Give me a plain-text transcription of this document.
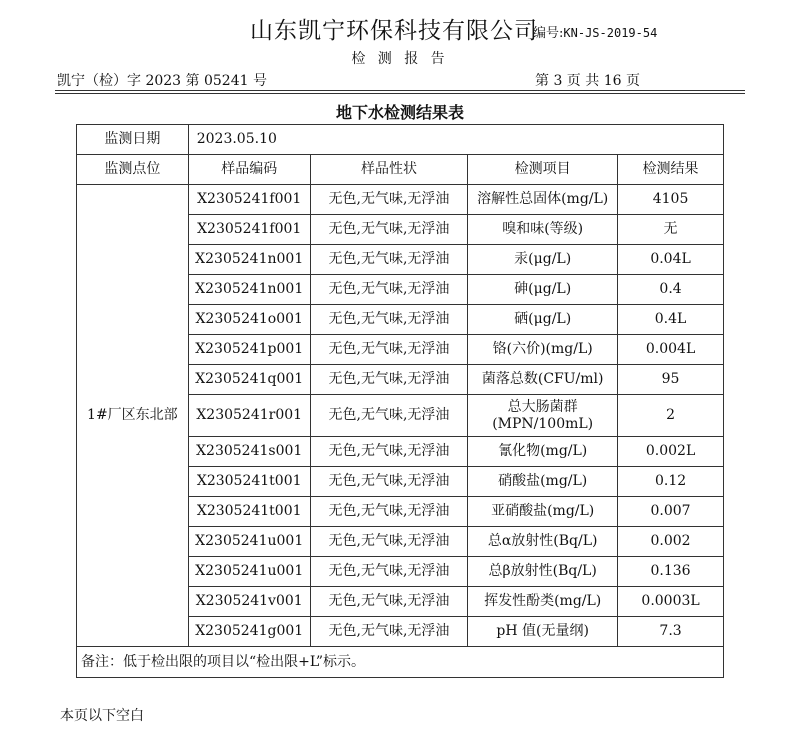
山东凯宁环保科技有限公司
编号:KN-JS-2019-54
检 测 报 告
凯宁（检）字 2023 第 05241 号	第 3 页 共 16 页
地下水检测结果表
监测日期	2023.05.10			
监测点位	样品编码	样品性状	检测项目	检测结果
1#厂区东北部	X2305241f001	无色,无气味,无浮油	溶解性总固体(mg/L)	4105
	X2305241f001	无色,无气味,无浮油	嗅和味(等级)	无
	X2305241n001	无色,无气味,无浮油	汞(μg/L)	0.04L
	X2305241n001	无色,无气味,无浮油	砷(μg/L)	0.4
	X2305241o001	无色,无气味,无浮油	硒(μg/L)	0.4L
	X2305241p001	无色,无气味,无浮油	铬(六价)(mg/L)	0.004L
	X2305241q001	无色,无气味,无浮油	菌落总数(CFU/ml)	95
	X2305241r001	无色,无气味,无浮油	总大肠菌群(MPN/100mL)	2
	X2305241s001	无色,无气味,无浮油	氰化物(mg/L)	0.002L
	X2305241t001	无色,无气味,无浮油	硝酸盐(mg/L)	0.12
	X2305241t001	无色,无气味,无浮油	亚硝酸盐(mg/L)	0.007
	X2305241u001	无色,无气味,无浮油	总α放射性(Bq/L)	0.002
	X2305241u001	无色,无气味,无浮油	总β放射性(Bq/L)	0.136
	X2305241v001	无色,无气味,无浮油	挥发性酚类(mg/L)	0.0003L
	X2305241g001	无色,无气味,无浮油	pH 值(无量纲)	7.3
备注：低于检出限的项目以“检出限+L”标示。				
本页以下空白
